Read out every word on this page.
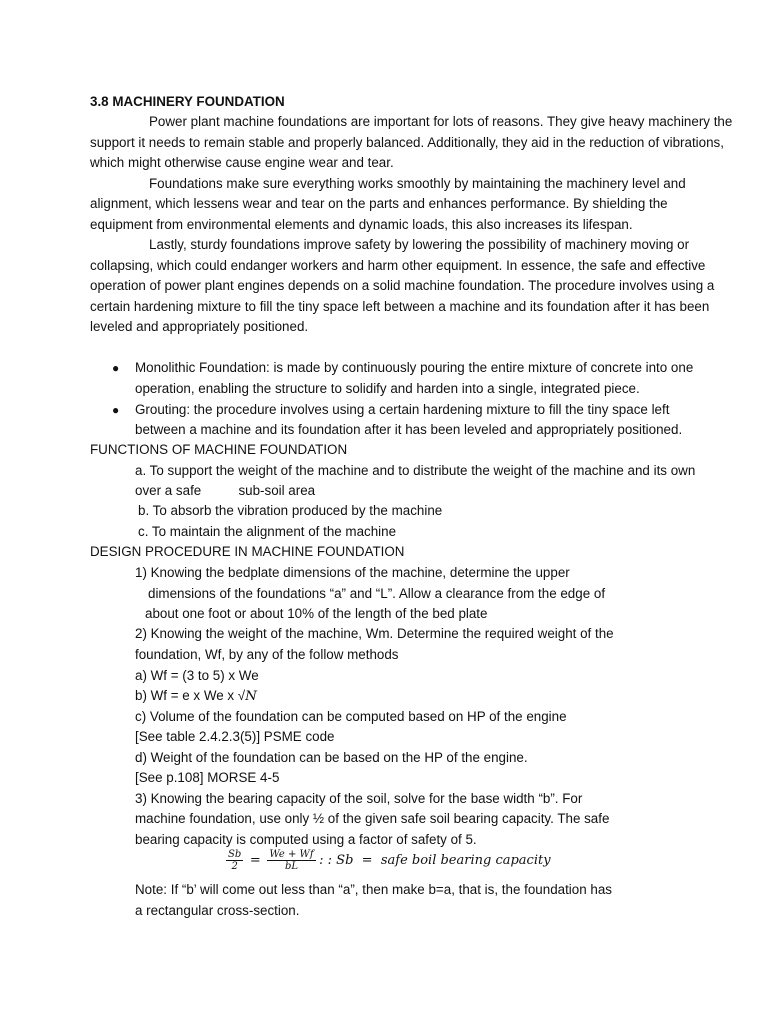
3.8 MACHINERY FOUNDATION
Power plant machine foundations are important for lots of reasons. They give heavy machinery the
support it needs to remain stable and properly balanced. Additionally, they aid in the reduction of vibrations,
which might otherwise cause engine wear and tear.
Foundations make sure everything works smoothly by maintaining the machinery level and
alignment, which lessens wear and tear on the parts and enhances performance. By shielding the
equipment from environmental elements and dynamic loads, this also increases its lifespan.
Lastly, sturdy foundations improve safety by lowering the possibility of machinery moving or
collapsing, which could endanger workers and harm other equipment. In essence, the safe and effective
operation of power plant engines depends on a solid machine foundation. The procedure involves using a
certain hardening mixture to fill the tiny space left between a machine and its foundation after it has been
leveled and appropriately positioned.
● Monolithic Foundation: is made by continuously pouring the entire mixture of concrete into one
operation, enabling the structure to solidify and harden into a single, integrated piece.
● Grouting: the procedure involves using a certain hardening mixture to fill the tiny space left
between a machine and its foundation after it has been leveled and appropriately positioned.
FUNCTIONS OF MACHINE FOUNDATION
a. To support the weight of the machine and to distribute the weight of the machine and its own
over a safe          sub-soil area
b. To absorb the vibration produced by the machine
c. To maintain the alignment of the machine
DESIGN PROCEDURE IN MACHINE FOUNDATION
1) Knowing the bedplate dimensions of the machine, determine the upper
dimensions of the foundations “a” and “L”. Allow a clearance from the edge of
about one foot or about 10% of the length of the bed plate
2) Knowing the weight of the machine, Wm. Determine the required weight of the
foundation, Wf, by any of the follow methods
a) Wf = (3 to 5) x We
b) Wf = e x We x √N
c) Volume of the foundation can be computed based on HP of the engine
[See table 2.4.2.3(5)] PSME code
d) Weight of the foundation can be based on the HP of the engine.
[See p.108] MORSE 4-5
3) Knowing the bearing capacity of the soil, solve for the base width “b”. For
machine foundation, use only ½ of the given safe soil bearing capacity. The safe
bearing capacity is computed using a factor of safety of 5.
$\frac{Sb}{2} = \frac{We + Wf}{bL}$ : : Sb  =  safe boil bearing capacity
Note: If “b’ will come out less than “a”, then make b=a, that is, the foundation has
a rectangular cross-section.
